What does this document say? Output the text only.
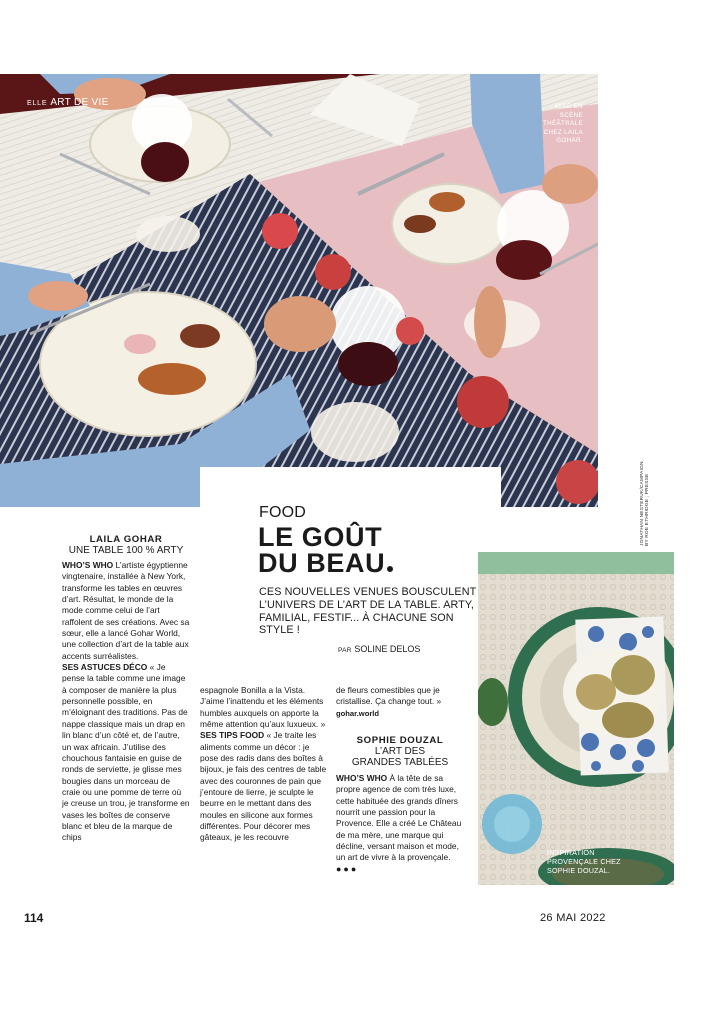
ELLE ART DE VIE	MISE EN
SCÈNE
THÉÂTRALE
CHEZ LAILA
GOHAR.
JONATHAN NESTERUK/CAMPAIGN
BY ROE ETHRIDGE ; PRESSE
FOOD
LE GOÛT
DU BEAU
CES NOUVELLES VENUES BOUSCULENT L’UNIVERS DE L’ART DE LA TABLE. ARTY, FAMILIAL, FESTIF... À CHACUNE SON STYLE !
PAR SOLINE DELOS
LAILA GOHAR
UNE TABLE 100 % ARTY

WHO’S WHO L’artiste égyptienne vingtenaire, installée à New York, transforme les tables en œuvres d’art. Résultat, le monde de la mode comme celui de l’art raffolent de ses créations. Avec sa sœur, elle a lancé Gohar World, une collection d’art de la table aux accents surréalistes.

SES ASTUCES DÉCO « Je pense la table comme une image à composer de manière la plus personnelle possible, en m’éloignant des traditions. Pas de nappe classique mais un drap en lin blanc d’un côté et, de l’autre, un wax africain. J’utilise des chouchous fantaisie en guise de ronds de serviette, je glisse mes bougies dans un morceau de craie ou une pomme de terre où je creuse un trou, je transforme en vases les boîtes de conserve blanc et bleu de la marque de chips

espagnole Bonilla a la Vista. J’aime l’inattendu et les éléments humbles auxquels on apporte la même attention qu’aux luxueux. »

SES TIPS FOOD « Je traite les aliments comme un décor : je pose des radis dans des boîtes à bijoux, je fais des centres de table avec des couronnes de pain que j’entoure de lierre, je sculpte le beurre en le mettant dans des moules en silicone aux formes différentes. Pour décorer mes gâteaux, je les recouvre

de fleurs comestibles que je cristallise. Ça change tout. »

gohar.world

SOPHIE DOUZAL
L’ART DES
GRANDES TABLÉES

WHO’S WHO À la tête de sa propre agence de com très luxe, cette habituée des grands dîners nourrit une passion pour la Provence. Elle a créé Le Château de ma mère, une marque qui décline, versant maison et mode, un art de vivre à la provençale. ●●●

INSPIRATION
PROVENÇALE CHEZ
SOPHIE DOUZAL.
114	26 MAI 2022
